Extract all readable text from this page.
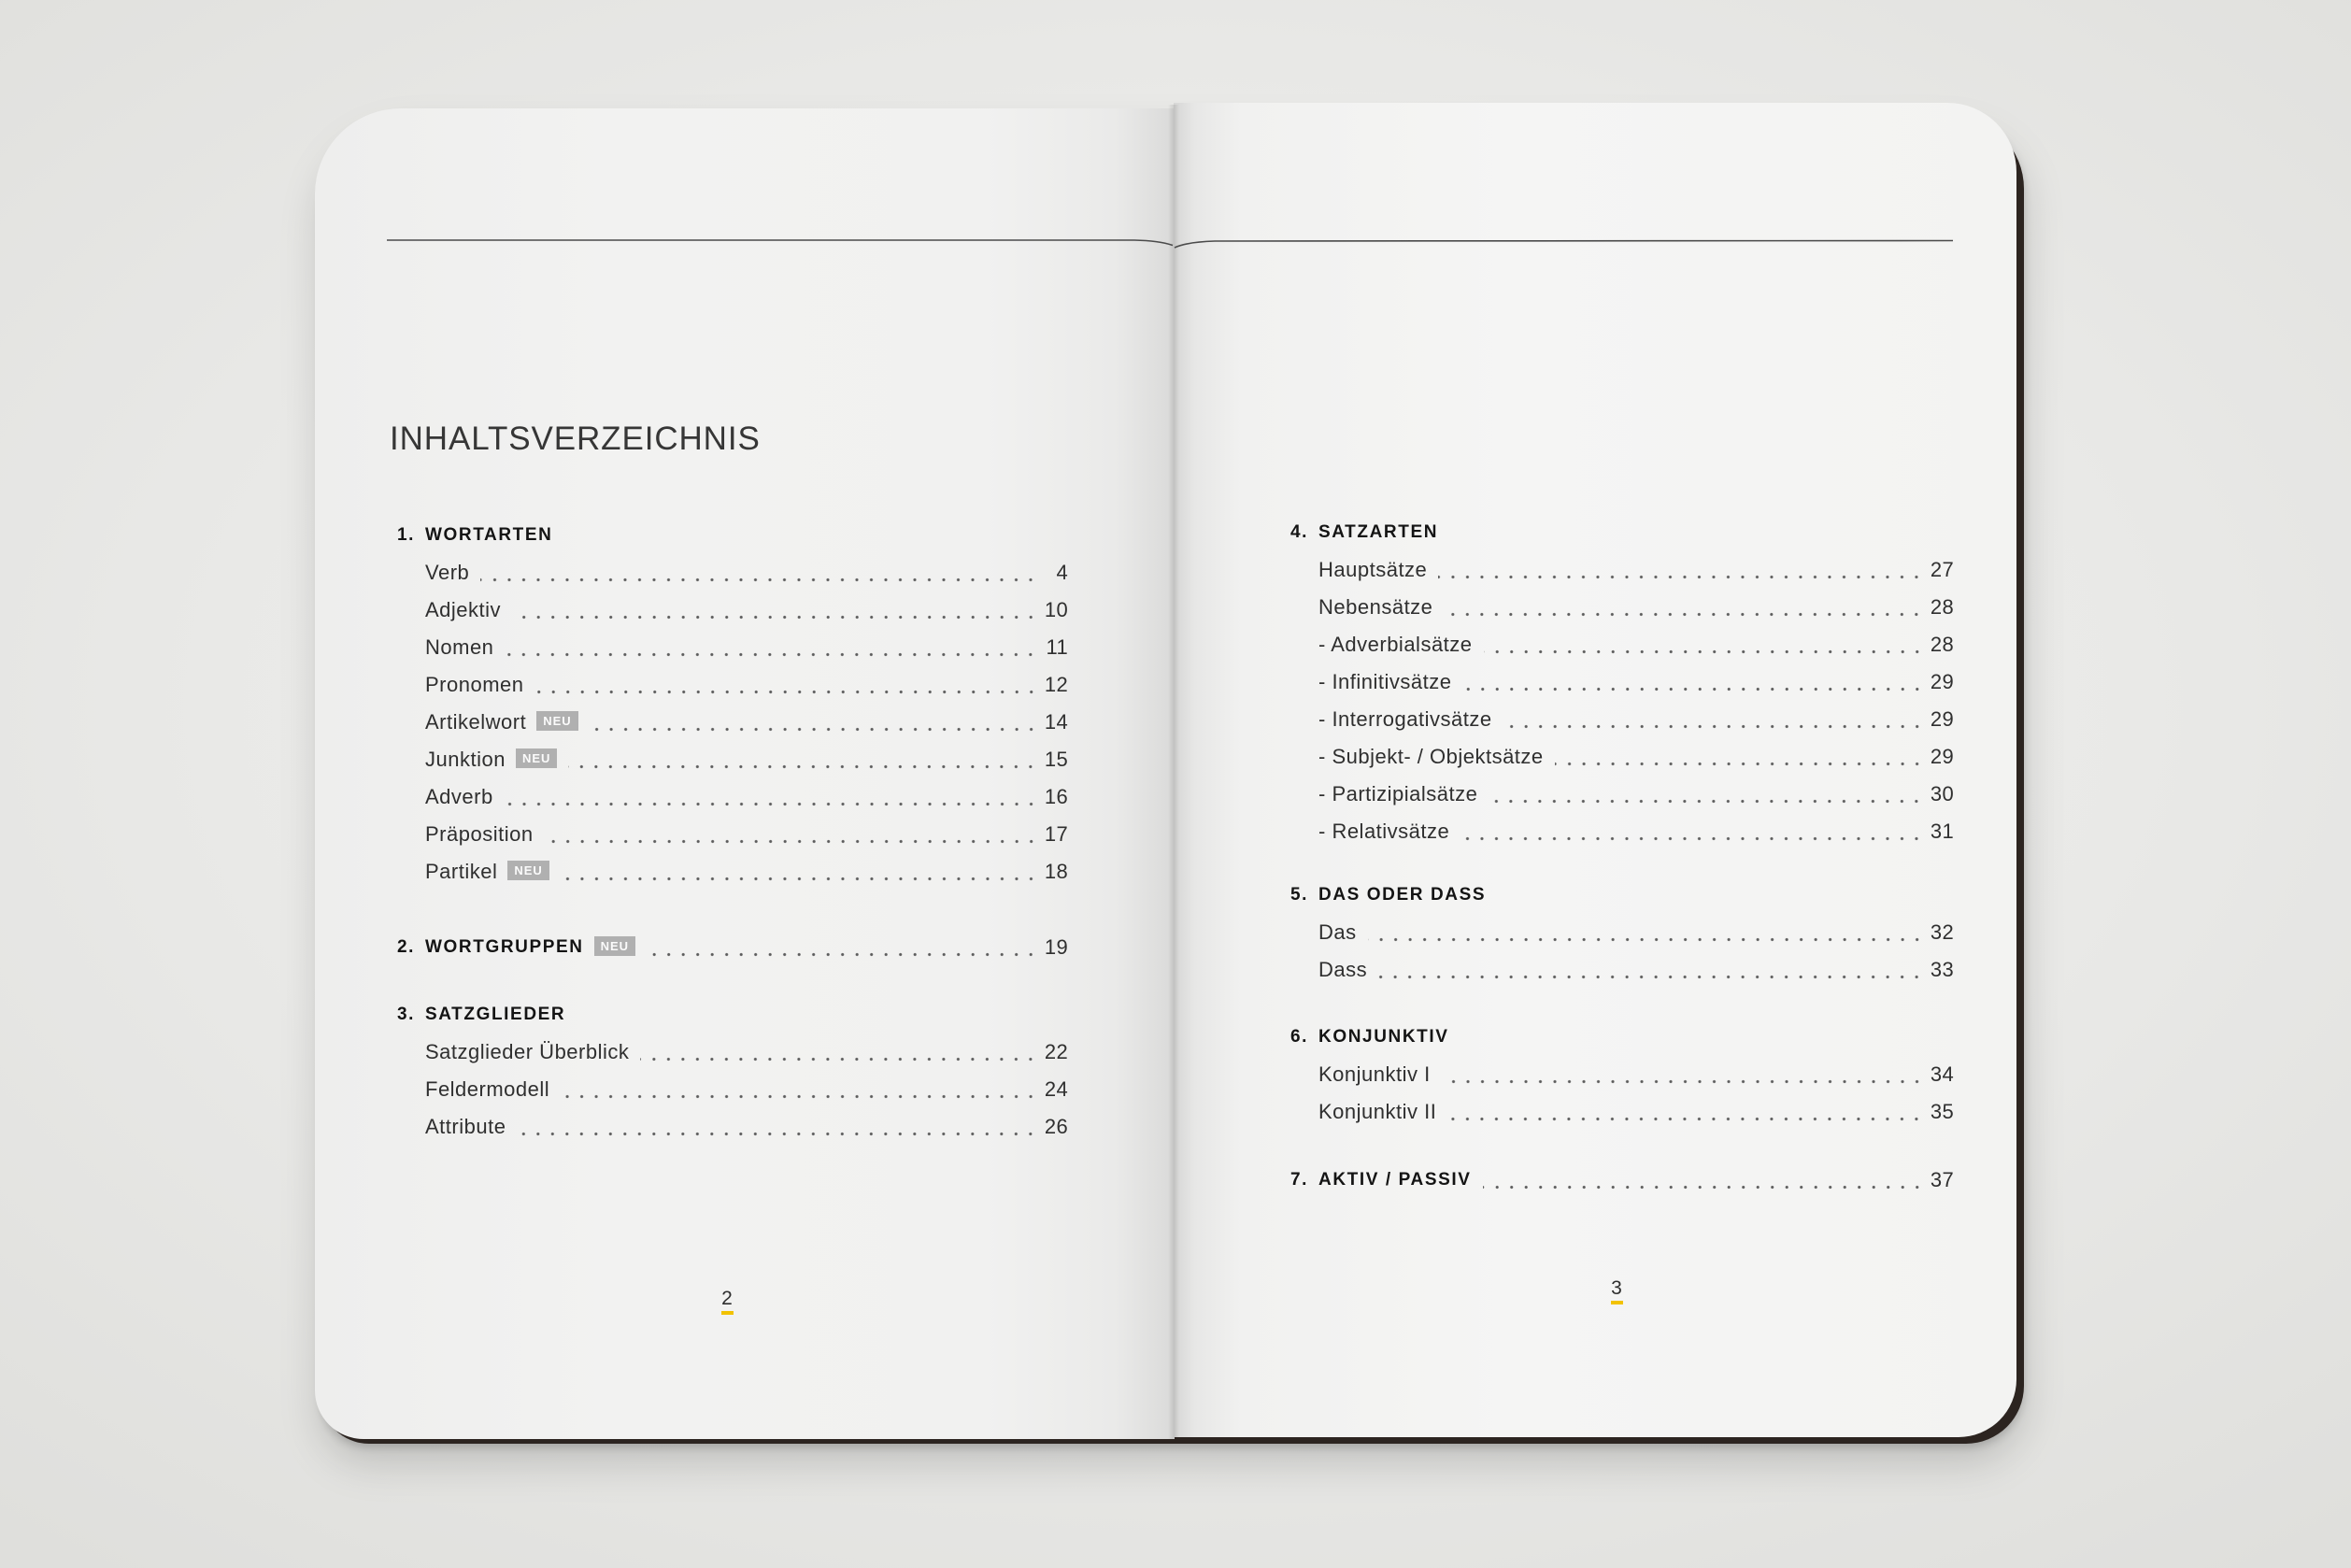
INHALTSVERZEICHNIS
1. WORTARTEN
Verb	4
Adjektiv	10
Nomen	11
Pronomen	12
Artikelwort	NEU	14
Junktion	NEU	15
Adverb	16
Präposition	17
Partikel	NEU	18
2. WORTGRUPPEN	NEU	19
3. SATZGLIEDER
Satzglieder Überblick	22
Feldermodell	24
Attribute	26
4. SATZARTEN
Hauptsätze	27
Nebensätze	28
- Adverbialsätze	28
- Infinitivsätze	29
- Interrogativsätze	29
- Subjekt- / Objektsätze	29
- Partizipialsätze	30
- Relativsätze	31
5. DAS ODER DASS
Das	32
Dass	33
6. KONJUNKTIV
Konjunktiv I	34
Konjunktiv II	35
7. AKTIV / PASSIV	37
2	3
